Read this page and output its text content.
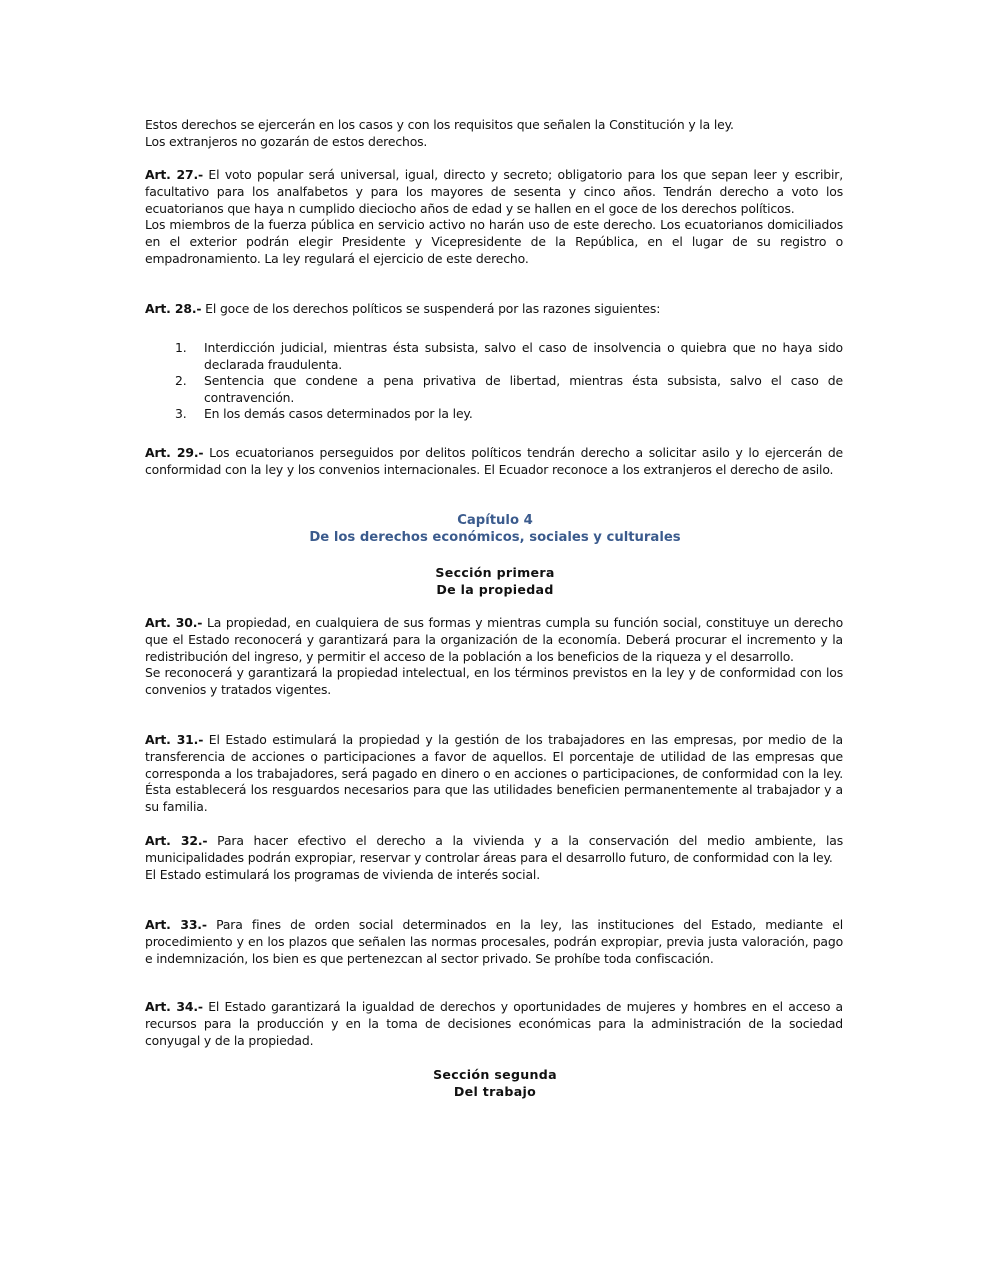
Estos derechos se ejercerán en los casos y con los requisitos que señalen la Constitución y la ley.

Los extranjeros no gozarán de estos derechos.

Art. 27.- El voto popular será universal, igual, directo y secreto; obligatorio para los que sepan leer y escribir, facultativo para los analfabetos y para los mayores de sesenta y cinco años. Tendrán derecho a voto los ecuatorianos que haya n cumplido dieciocho años de edad y se hallen en el goce de los derechos políticos.

Los miembros de la fuerza pública en servicio activo no harán uso de este derecho. Los ecuatorianos domiciliados en el exterior podrán elegir Presidente y Vicepresidente de la República, en el lugar de su registro o empadronamiento. La ley regulará el ejercicio de este derecho.

Art. 28.- El goce de los derechos políticos se suspenderá por las razones siguientes:

1. Interdicción judicial, mientras ésta subsista, salvo el caso de insolvencia o quiebra que no haya sido declarada fraudulenta.
2. Sentencia que condene a pena privativa de libertad, mientras ésta subsista, salvo el caso de contravención.
3. En los demás casos determinados por la ley.

Art. 29.- Los ecuatorianos perseguidos por delitos políticos tendrán derecho a solicitar asilo y lo ejercerán de conformidad con la ley y los convenios internacionales. El Ecuador reconoce a los extranjeros el derecho de asilo.

Capítulo 4
De los derechos económicos, sociales y culturales
Sección primera
De la propiedad

Art. 30.- La propiedad, en cualquiera de sus formas y mientras cumpla su función social, constituye un derecho que el Estado reconocerá y garantizará para la organización de la economía. Deberá procurar el incremento y la redistribución del ingreso, y permitir el acceso de la población a los beneficios de la riqueza y el desarrollo.

Se reconocerá y garantizará la propiedad intelectual, en los términos previstos en la ley y de conformidad con los convenios y tratados vigentes.

Art. 31.- El Estado estimulará la propiedad y la gestión de los trabajadores en las empresas, por medio de la transferencia de acciones o participaciones a favor de aquellos. El porcentaje de utilidad de las empresas que corresponda a los trabajadores, será pagado en dinero o en acciones o participaciones, de conformidad con la ley. Ésta establecerá los resguardos necesarios para que las utilidades beneficien permanentemente al trabajador y a su familia.

Art. 32.- Para hacer efectivo el derecho a la vivienda y a la conservación del medio ambiente, las municipalidades podrán expropiar, reservar y controlar áreas para el desarrollo futuro, de conformidad con la ley.

El Estado estimulará los programas de vivienda de interés social.

Art. 33.- Para fines de orden social determinados en la ley, las instituciones del Estado, mediante el procedimiento y en los plazos que señalen las normas procesales, podrán expropiar, previa justa valoración, pago e indemnización, los bien es que pertenezcan al sector privado. Se prohíbe toda confiscación.

Art. 34.- El Estado garantizará la igualdad de derechos y oportunidades de mujeres y hombres en el acceso a recursos para la producción y en la toma de decisiones económicas para la administración de la sociedad conyugal y de la propiedad.

Sección segunda
Del trabajo
